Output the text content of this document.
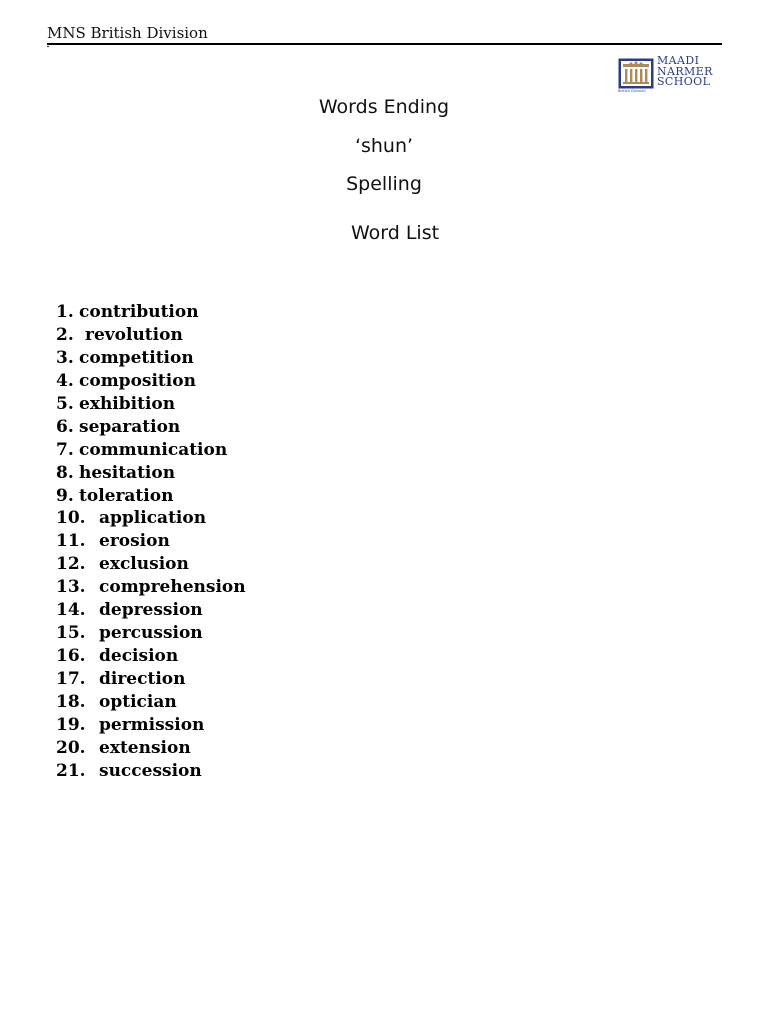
MNS British Division
British Division
MAADI
NARMER
SCHOOL
Words Ending
‘shun’
Spelling
Word List
1. contribution
2. revolution
3. competition
4. composition
5. exhibition
6. separation
7. communication
8. hesitation
9. toleration
10. application
11. erosion
12. exclusion
13. comprehension
14. depression
15. percussion
16. decision
17. direction
18. optician
19. permission
20. extension
21. succession
